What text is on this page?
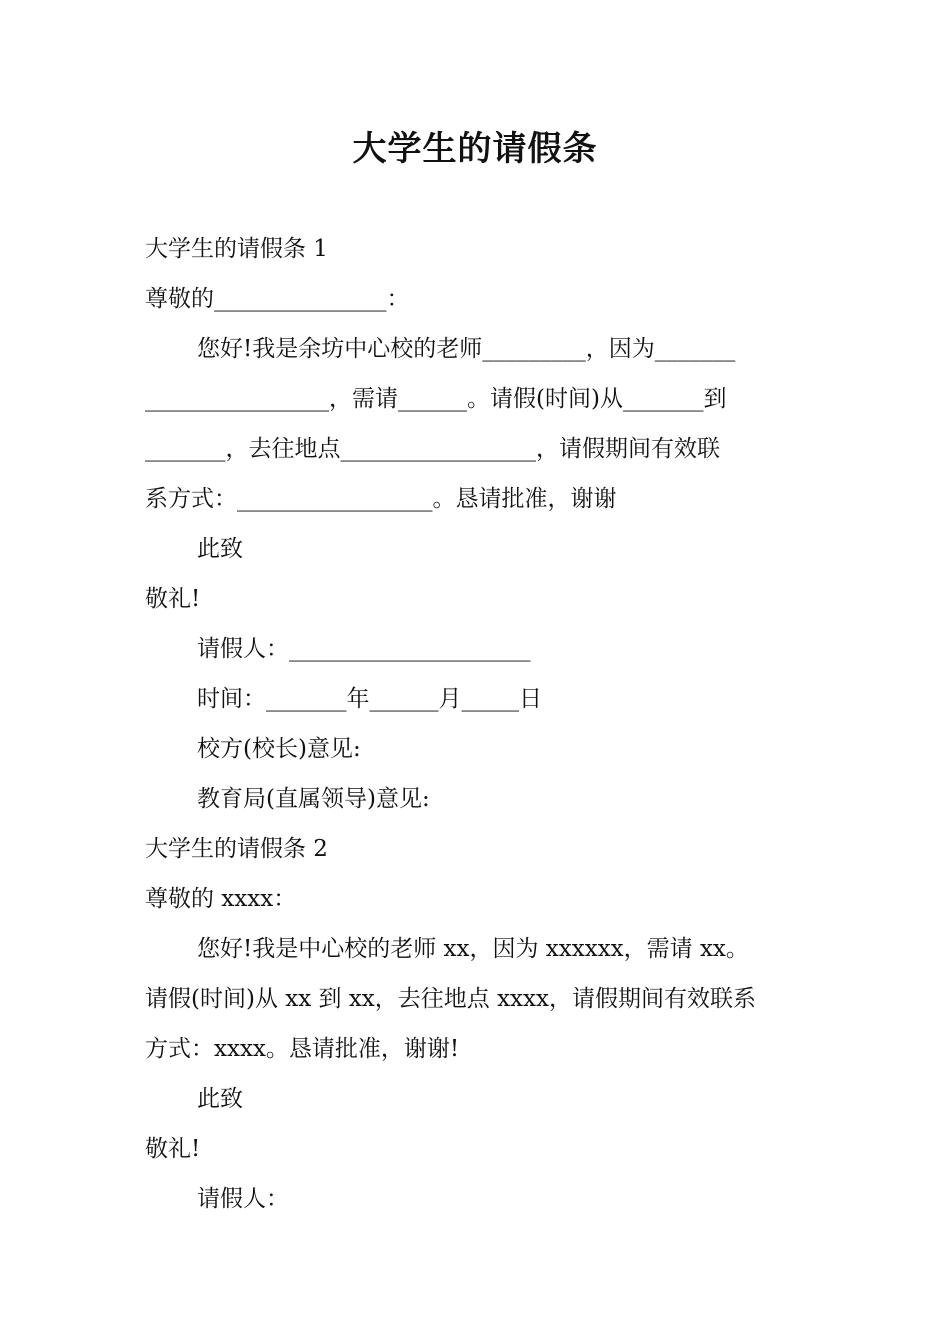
大学生的请假条
大学生的请假条 1
尊敬的_______________：
您好!我是余坊中心校的老师_________，因为_______
________________，需请______。请假(时间)从_______到
_______，去往地点_________________，请假期间有效联
系方式：_________________。恳请批准，谢谢
此致
敬礼!
请假人：_____________________
时间：_______年______月_____日
校方(校长)意见:
教育局(直属领导)意见:
大学生的请假条 2
尊敬的 xxxx：
您好!我是中心校的老师 xx，因为 xxxxxx，需请 xx。
请假(时间)从 xx 到 xx，去往地点 xxxx，请假期间有效联系
方式：xxxx。恳请批准，谢谢!
此致
敬礼!
请假人：
